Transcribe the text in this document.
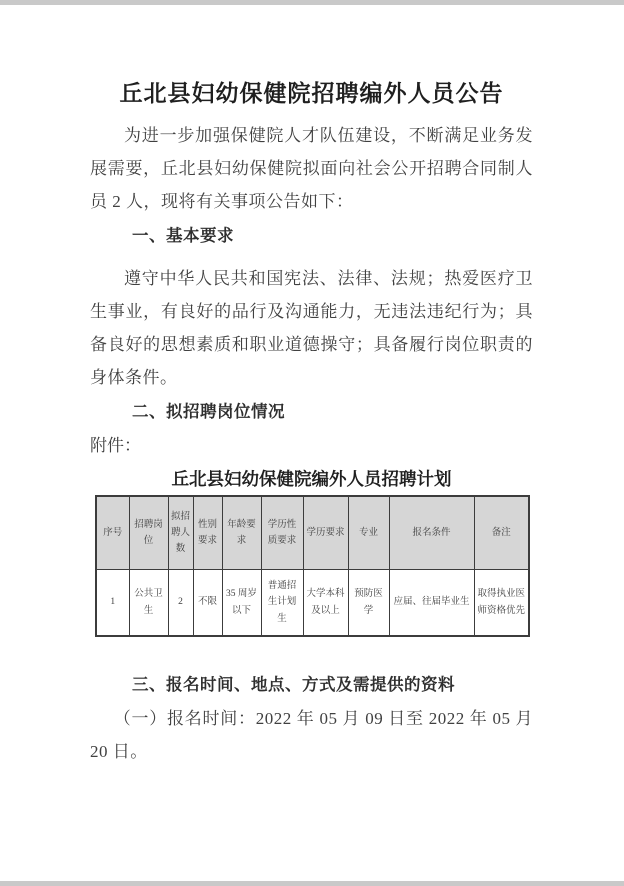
丘北县妇幼保健院招聘编外人员公告

为进一步加强保健院人才队伍建设，不断满足业务发展需要，丘北县妇幼保健院拟面向社会公开招聘合同制人员 2 人，现将有关事项公告如下：

一、基本要求

遵守中华人民共和国宪法、法律、法规；热爱医疗卫生事业，有良好的品行及沟通能力，无违法违纪行为；具备良好的思想素质和职业道德操守；具备履行岗位职责的身体条件。

二、拟招聘岗位情况

附件：

丘北县妇幼保健院编外人员招聘计划
序号	招聘岗位	拟招聘人数	性别要求	年龄要求	学历性质要求	学历要求	专业	报名条件	备注
1	公共卫生	2	不限	35 周岁以下	普通招生计划生	大学本科及以上	预防医学	应届、往届毕业生	取得执业医师资格优先
三、报名时间、地点、方式及需提供的资料

（一）报名时间：2022 年 05 月 09 日至 2022 年 05 月 20 日。
